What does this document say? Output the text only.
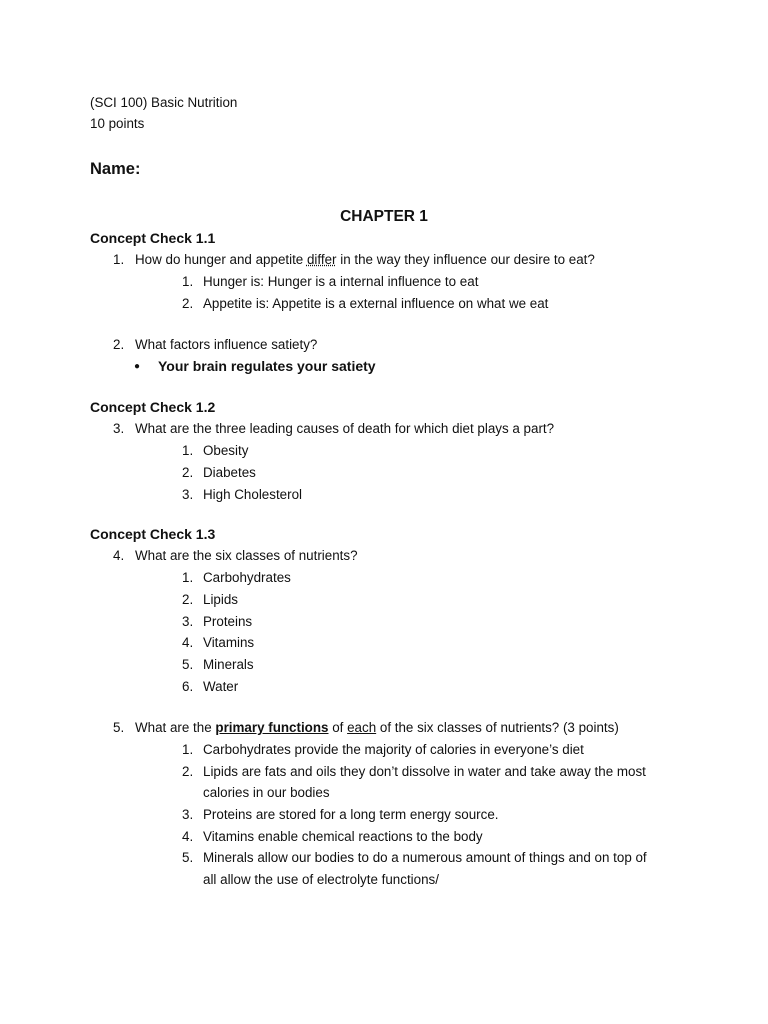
(SCI 100) Basic Nutrition
10 points
Name:
CHAPTER 1
Concept Check 1.1
1. How do hunger and appetite differ in the way they influence our desire to eat?
1. Hunger is: Hunger is a internal influence to eat
2. Appetite is: Appetite is a external influence on what we eat
2. What factors influence satiety?
● Your brain regulates your satiety
Concept Check 1.2
3. What are the three leading causes of death for which diet plays a part?
1. Obesity
2. Diabetes
3. High Cholesterol
Concept Check 1.3
4. What are the six classes of nutrients?
1. Carbohydrates
2. Lipids
3. Proteins
4. Vitamins
5. Minerals
6. Water
5. What are the primary functions of each of the six classes of nutrients? (3 points)
1. Carbohydrates provide the majority of calories in everyone’s diet
2. Lipids are fats and oils they don’t dissolve in water and take away the most
calories in our bodies
3. Proteins are stored for a long term energy source.
4. Vitamins enable chemical reactions to the body
5. Minerals allow our bodies to do a numerous amount of things and on top of
all allow the use of electrolyte functions/
